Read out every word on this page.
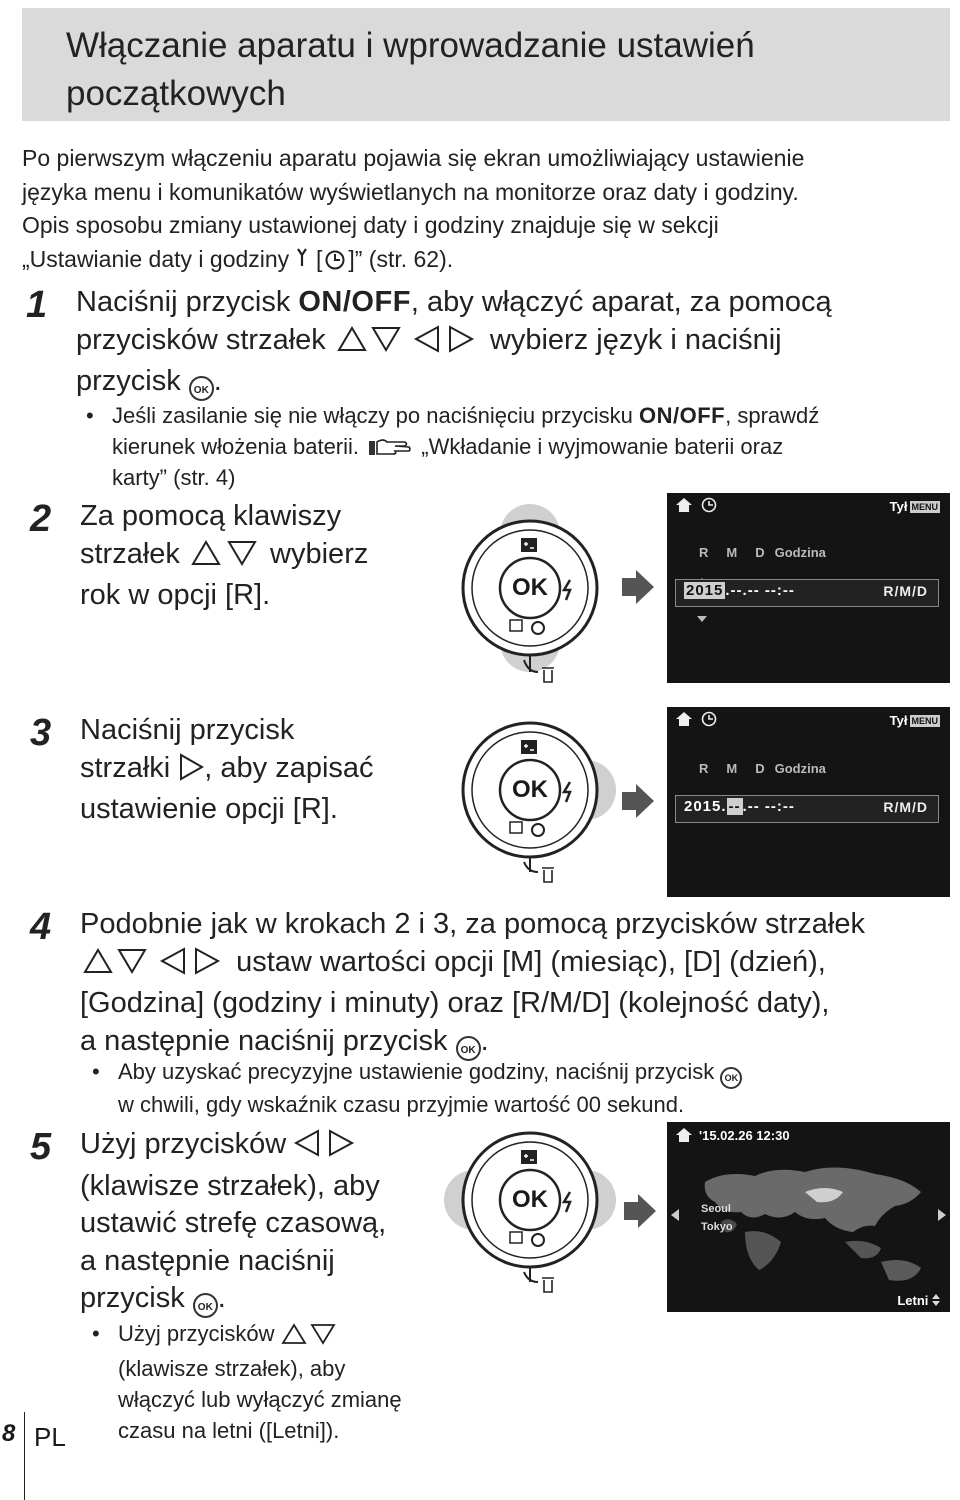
Włączanie aparatu i wprowadzanie ustawień początkowych
Po pierwszym włączeniu aparatu pojawia się ekran umożliwiający ustawienie
języka menu i komunikatów wyświetlanych na monitorze oraz daty i godziny.
Opis sposobu zmiany ustawionej daty i godziny znajduje się w sekcji
„Ustawianie daty i godziny [ ]” (str. 62).
1 Naciśnij przycisk ON/OFF, aby włączyć aparat, za pomocą
przycisków strzałek	wybierz język i naciśnij
przycisk OK .
• Jeśli zasilanie się nie włączy po naciśnięciu przycisku ON/OFF, sprawdź
kierunek włożenia baterii.	„Wkładanie i wyjmowanie baterii oraz
karty” (str. 4)
2 Za pomocą klawiszy
strzałek	wybierz
rok w opcji [R].	OK
Tył MENU
R M D Godzina
2015 .--.-- --:--	R/M/D
3 Naciśnij przycisk
strzałki , aby zapisać
ustawienie opcji [R].
OK
Tył MENU
R M D Godzina
2015. -- .-- --:--	R/M/D
4 Podobnie jak w krokach 2 i 3, za pomocą przycisków strzałek
ustaw wartości opcji [M] (miesiąc), [D] (dzień),
[Godzina] (godziny i minuty) oraz [R/M/D] (kolejność daty),
a następnie naciśnij przycisk OK .
• Aby uzyskać precyzyjne ustawienie godziny, naciśnij przycisk OK
w chwili, gdy wskaźnik czasu przyjmie wartość 00 sekund.
5 Użyj przycisków
(klawisze strzałek), aby
ustawić strefę czasową,
a następnie naciśnij
przycisk OK .
• Użyj przycisków
(klawisze strzałek), aby
włączyć lub wyłączyć zmianę
czasu na letni ([Letni]).
OK
'15.02.26 12:30
Seoul
Tokyo
Letni
8 PL
